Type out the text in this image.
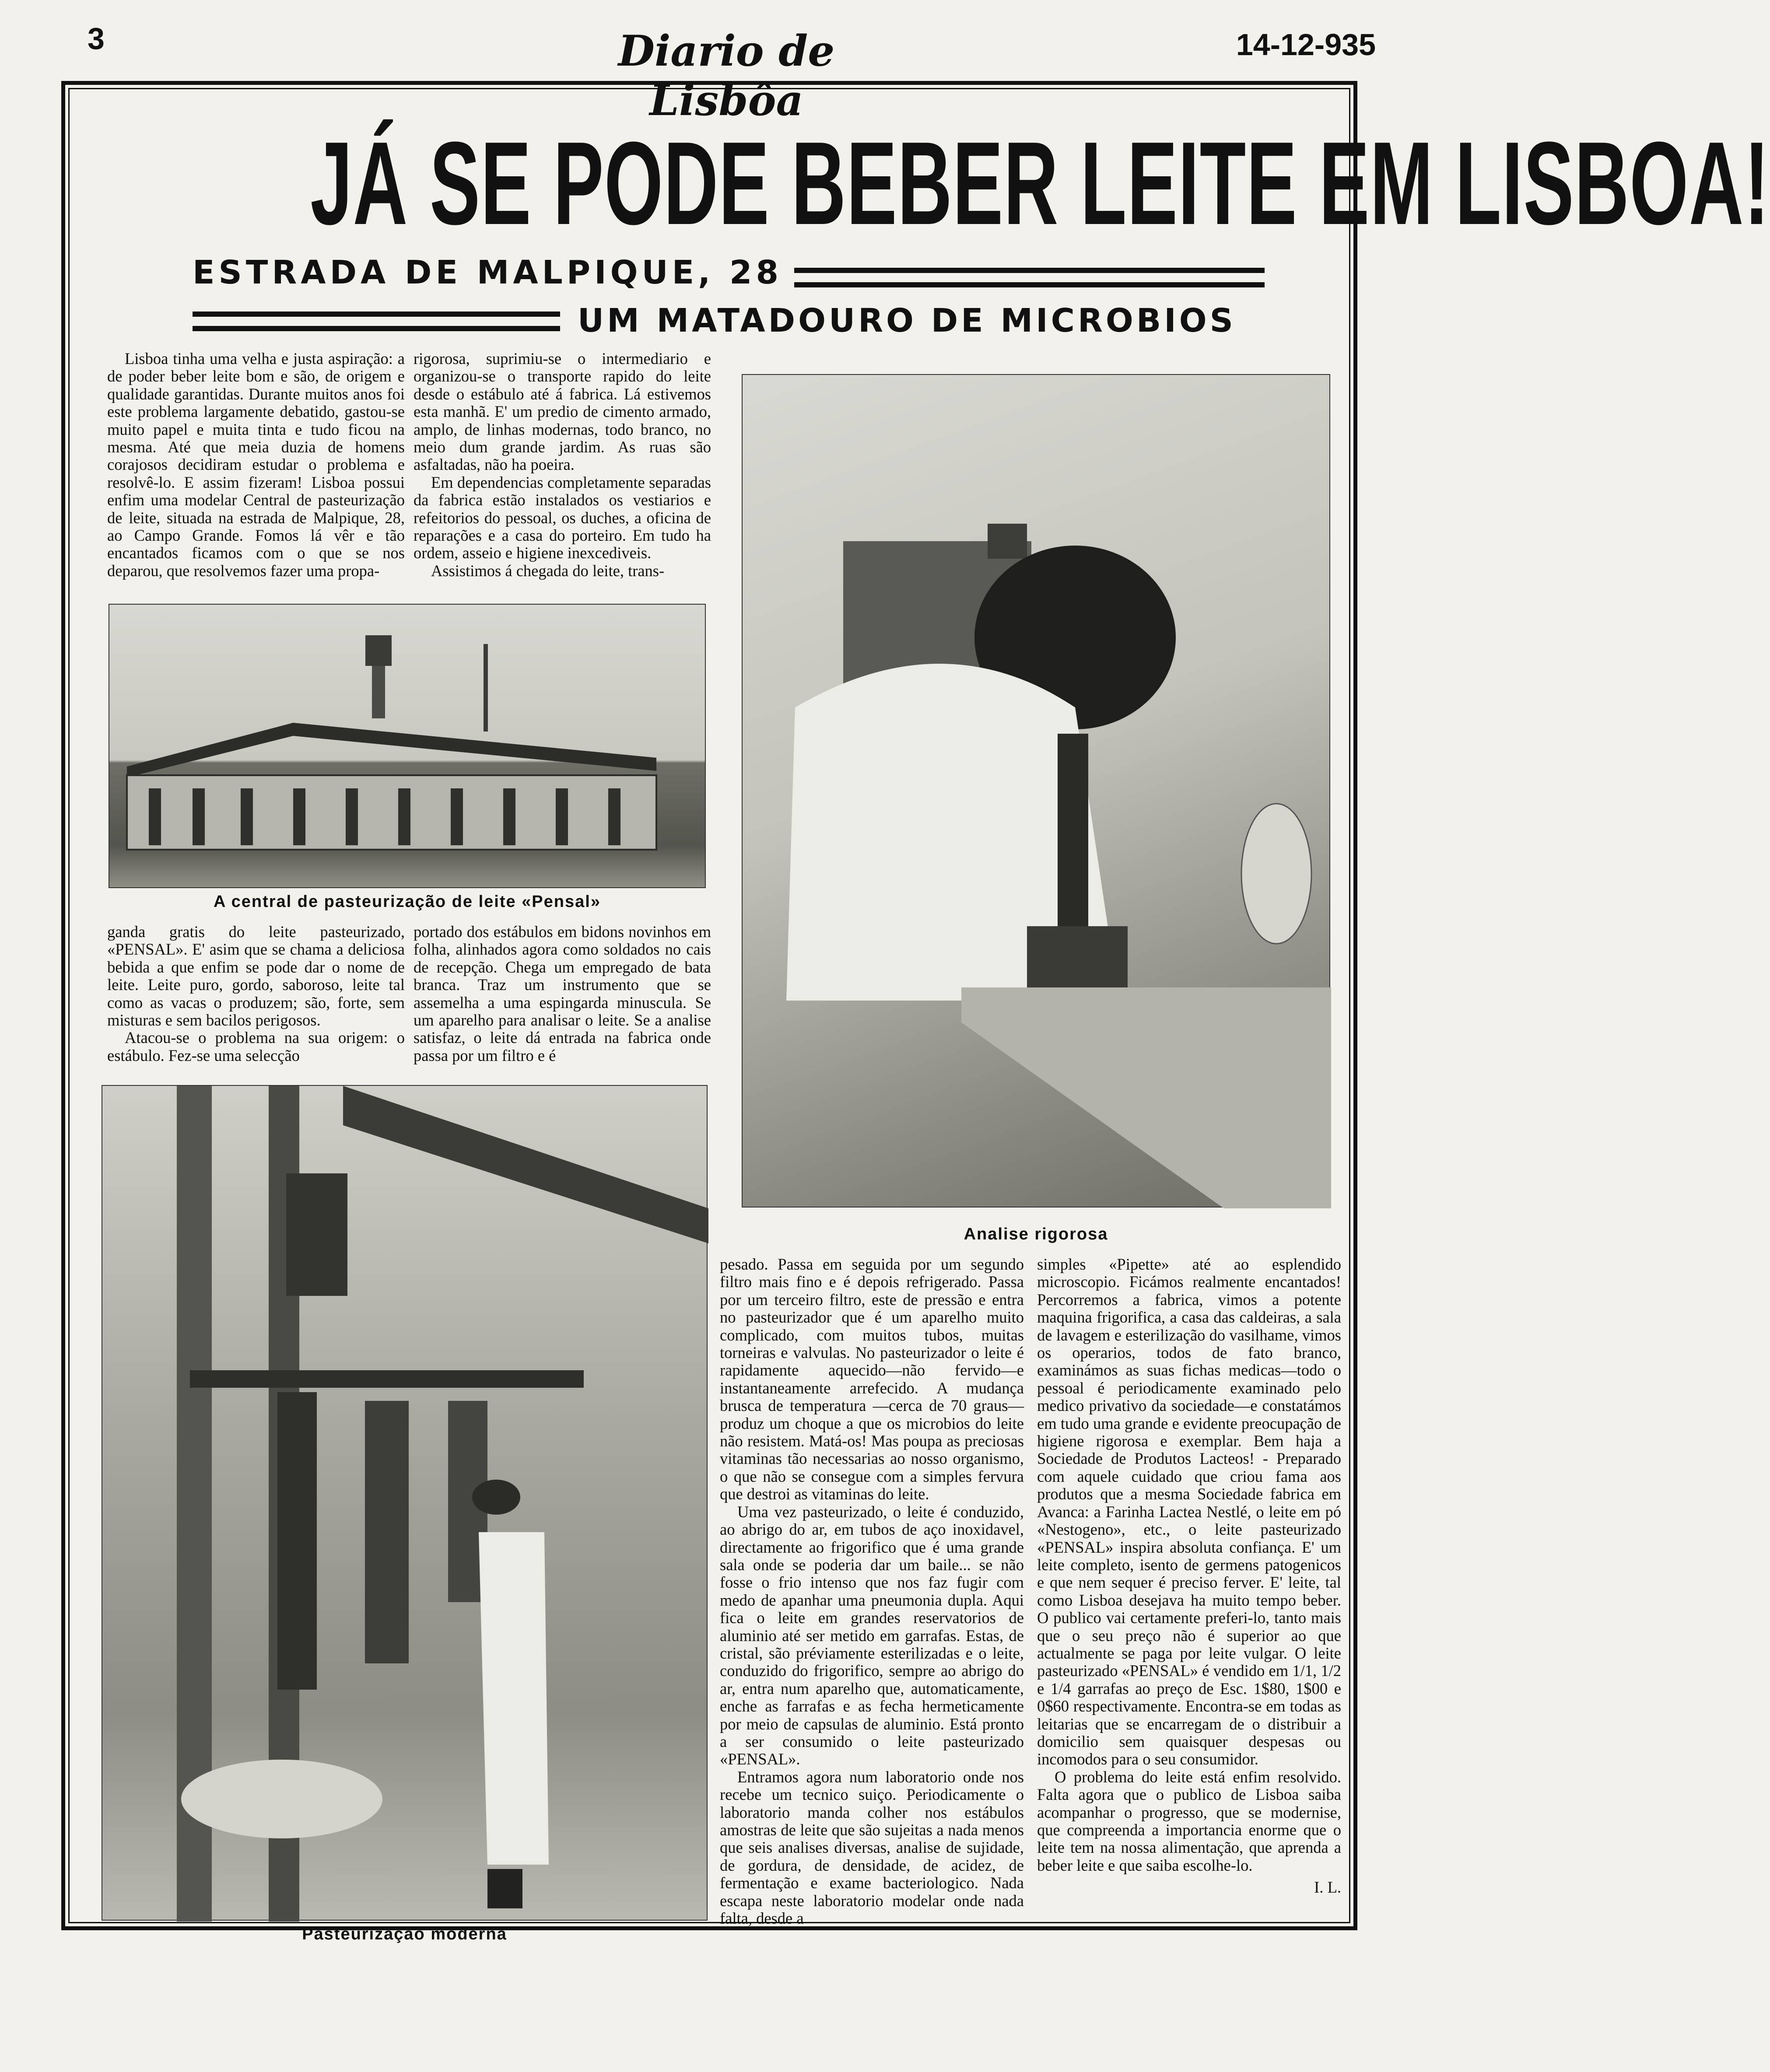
3	Diario de Lisbôa
14-12-935
JÁ SE PODE BEBER LEITE EM LISBOA!
ESTRADA DE MALPIQUE, 28
UM MATADOURO DE MICROBIOS

Lisboa tinha uma velha e justa aspiração: a de poder beber leite bom e são, de origem e qualidade garantidas. Durante muitos anos foi este problema largamente debatido, gastou-se muito papel e muita tinta e tudo ficou na mesma. Até que meia duzia de homens corajosos decidiram estudar o problema e resolvê-lo. E assim fizeram! Lisboa possui enfim uma modelar Central de pasteurização de leite, situada na estrada de Malpique, 28, ao Campo Grande. Fomos lá vêr e tão encantados ficamos com o que se nos deparou, que resolvemos fazer uma propa-

rigorosa, suprimiu-se o intermediario e organizou-se o transporte rapido do leite desde o estábulo até á fabrica. Lá estivemos esta manhã. E' um predio de cimento armado, amplo, de linhas modernas, todo branco, no meio dum grande jardim. As ruas são asfaltadas, não ha poeira.

Em dependencias completamente separadas da fabrica estão instalados os vestiarios e refeitorios do pessoal, os duches, a oficina de reparações e a casa do porteiro. Em tudo ha ordem, asseio e higiene inexcediveis.

Assistimos á chegada do leite, trans-

A central de pasteurização de leite «Pensal»

ganda gratis do leite pasteurizado, «PENSAL». E' asim que se chama a deliciosa bebida a que enfim se pode dar o nome de leite. Leite puro, gordo, saboroso, leite tal como as vacas o produzem; são, forte, sem misturas e sem bacilos perigosos.

Atacou-se o problema na sua origem: o estábulo. Fez-se uma selecção

portado dos estábulos em bidons novinhos em folha, alinhados agora como soldados no cais de recepção. Chega um empregado de bata branca. Traz um instrumento que se assemelha a uma espingarda minuscula. Se um aparelho para analisar o leite. Se a analise satisfaz, o leite dá entrada na fabrica onde passa por um filtro e é

Analise rigorosa
Pasteurização moderna

pesado. Passa em seguida por um segundo filtro mais fino e é depois refrigerado. Passa por um terceiro filtro, este de pressão e entra no pasteurizador que é um aparelho muito complicado, com muitos tubos, muitas torneiras e valvulas. No pasteurizador o leite é rapidamente aquecido—não fervido—e instantaneamente arrefecido. A mudança brusca de temperatura —cerca de 70 graus—produz um choque a que os microbios do leite não resistem. Matá-os! Mas poupa as preciosas vitaminas tão necessarias ao nosso organismo, o que não se consegue com a simples fervura que destroi as vitaminas do leite.

Uma vez pasteurizado, o leite é conduzido, ao abrigo do ar, em tubos de aço inoxidavel, directamente ao frigorifico que é uma grande sala onde se poderia dar um baile... se não fosse o frio intenso que nos faz fugir com medo de apanhar uma pneumonia dupla. Aqui fica o leite em grandes reservatorios de aluminio até ser metido em garrafas. Estas, de cristal, são préviamente esterilizadas e o leite, conduzido do frigorifico, sempre ao abrigo do ar, entra num aparelho que, automaticamente, enche as farrafas e as fecha hermeticamente por meio de capsulas de aluminio. Está pronto a ser consumido o leite pasteurizado «PENSAL».

Entramos agora num laboratorio onde nos recebe um tecnico suiço. Periodicamente o laboratorio manda colher nos estábulos amostras de leite que são sujeitas a nada menos que seis analises diversas, analise de sujidade, de gordura, de densidade, de acidez, de fermentação e exame bacteriologico. Nada escapa neste laboratorio modelar onde nada falta, desde a

simples «Pipette» até ao esplendido microscopio. Ficámos realmente encantados! Percorremos a fabrica, vimos a potente maquina frigorifica, a casa das caldeiras, a sala de lavagem e esterilização do vasilhame, vimos os operarios, todos de fato branco, examinámos as suas fichas medicas—todo o pessoal é periodicamente examinado pelo medico privativo da sociedade—e constatámos em tudo uma grande e evidente preocupação de higiene rigorosa e exemplar. Bem haja a Sociedade de Produtos Lacteos! - Preparado com aquele cuidado que criou fama aos produtos que a mesma Sociedade fabrica em Avanca: a Farinha Lactea Nestlé, o leite em pó «Nestogeno», etc., o leite pasteurizado «PENSAL» inspira absoluta confiança. E' um leite completo, isento de germens patogenicos e que nem sequer é preciso ferver. E' leite, tal como Lisboa desejava ha muito tempo beber. O publico vai certamente preferi-lo, tanto mais que o seu preço não é superior ao que actualmente se paga por leite vulgar. O leite pasteurizado «PENSAL» é vendido em 1/1, 1/2 e 1/4 garrafas ao preço de Esc. 1$80, 1$00 e 0$60 respectivamente. Encontra-se em todas as leitarias que se encarregam de o distribuir a domicilio sem quaisquer despesas ou incomodos para o seu consumidor.

O problema do leite está enfim resolvido. Falta agora que o publico de Lisboa saiba acompanhar o progresso, que se modernise, que compreenda a importancia enorme que o leite tem na nossa alimentação, que aprenda a beber leite e que saiba escolhe-lo.

I. L.
